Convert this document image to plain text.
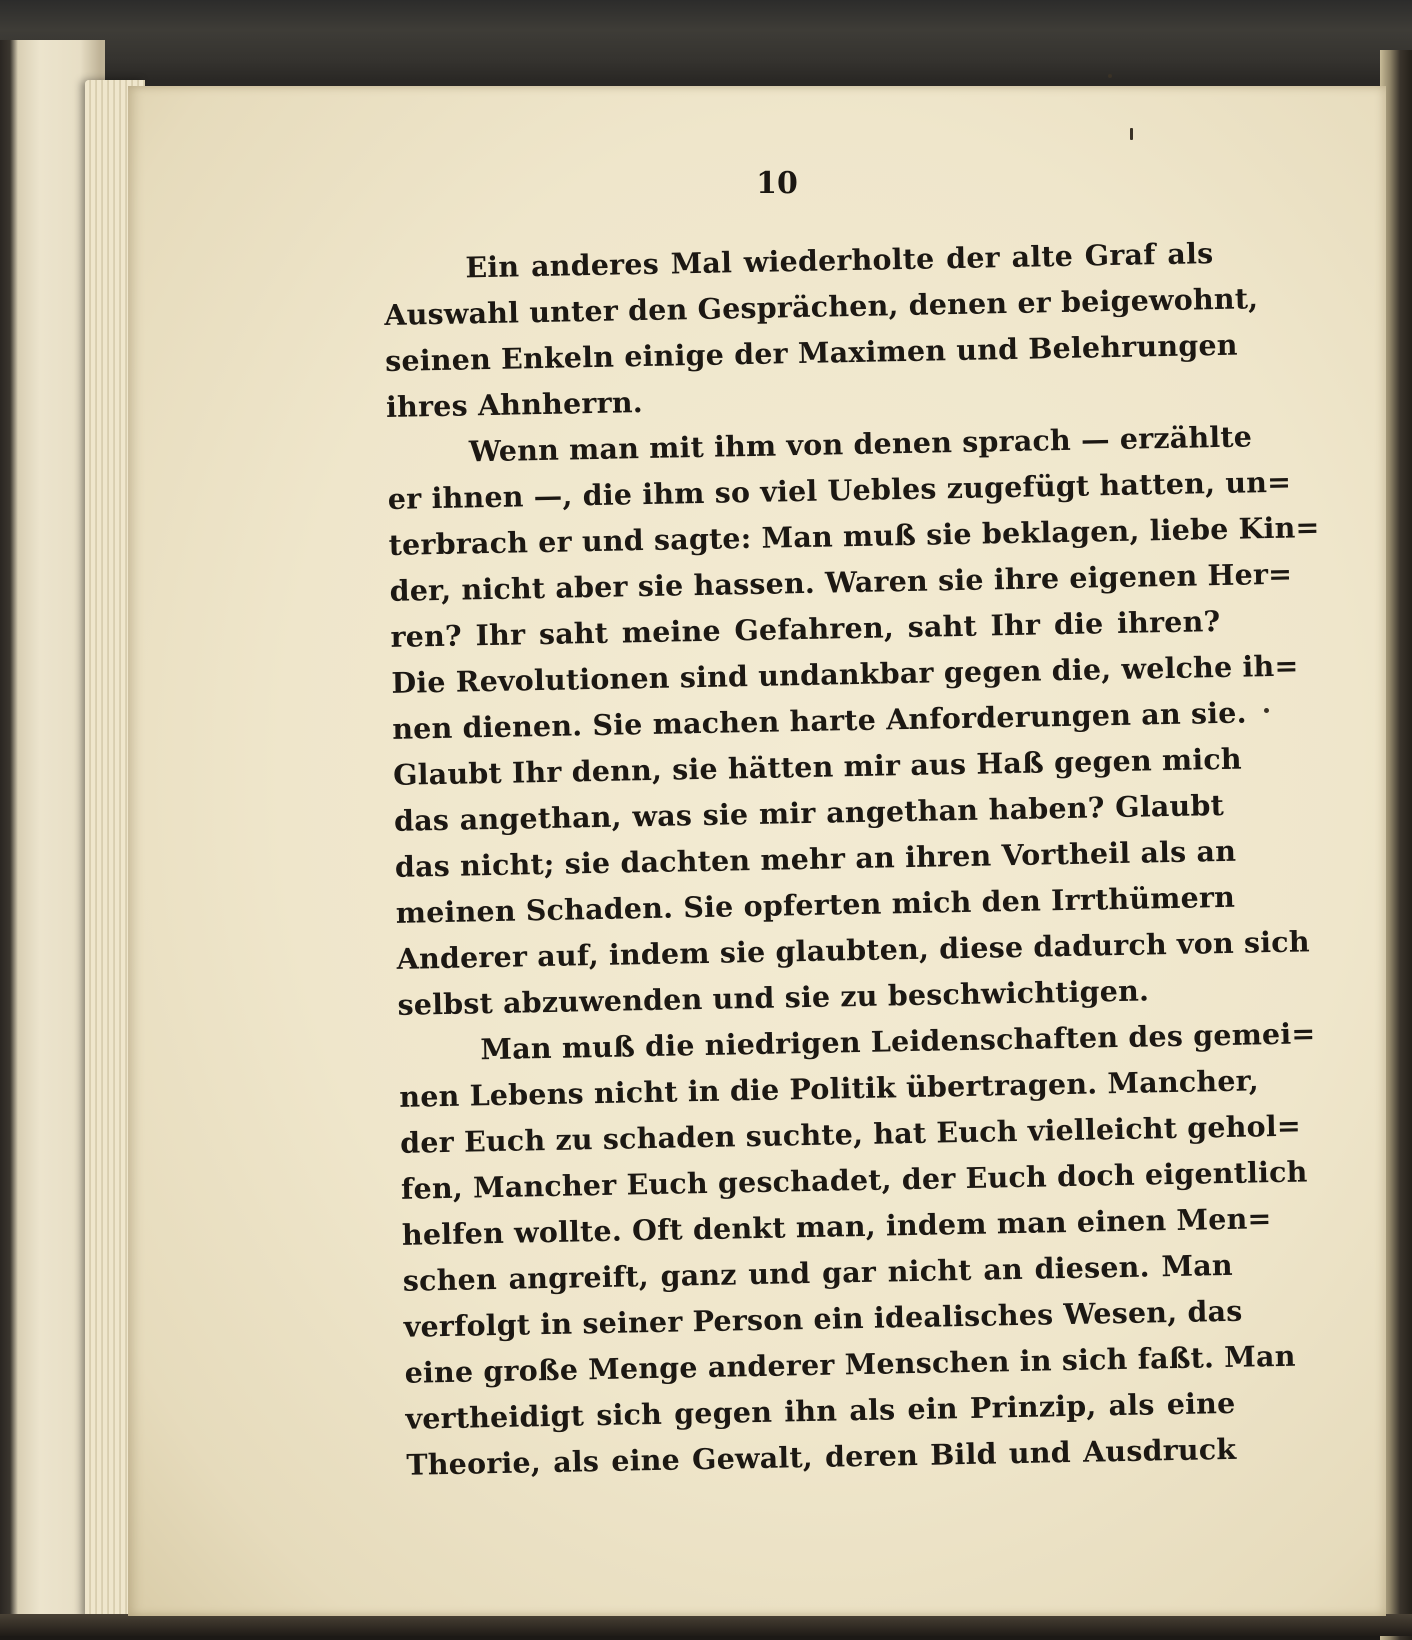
10
Ein anderes Mal wiederholte der alte Graf als
Auswahl unter den Gesprächen, denen er beigewohnt,
seinen Enkeln einige der Maximen und Belehrungen
ihres Ahnherrn.
Wenn man mit ihm von denen sprach — erzählte
er ihnen —, die ihm so viel Uebles zugefügt hatten, un=
terbrach er und sagte: Man muß sie beklagen, liebe Kin=
der, nicht aber sie hassen. Waren sie ihre eigenen Her=
ren? Ihr saht meine Gefahren, saht Ihr die ihren?
Die Revolutionen sind undankbar gegen die, welche ih=
nen dienen. Sie machen harte Anforderungen an sie.
Glaubt Ihr denn, sie hätten mir aus Haß gegen mich
das angethan, was sie mir angethan haben? Glaubt
das nicht; sie dachten mehr an ihren Vortheil als an
meinen Schaden. Sie opferten mich den Irrthümern
Anderer auf, indem sie glaubten, diese dadurch von sich
selbst abzuwenden und sie zu beschwichtigen.
Man muß die niedrigen Leidenschaften des gemei=
nen Lebens nicht in die Politik übertragen. Mancher,
der Euch zu schaden suchte, hat Euch vielleicht gehol=
fen, Mancher Euch geschadet, der Euch doch eigentlich
helfen wollte. Oft denkt man, indem man einen Men=
schen angreift, ganz und gar nicht an diesen. Man
verfolgt in seiner Person ein idealisches Wesen, das
eine große Menge anderer Menschen in sich faßt. Man
vertheidigt sich gegen ihn als ein Prinzip, als eine
Theorie, als eine Gewalt, deren Bild und Ausdruck
